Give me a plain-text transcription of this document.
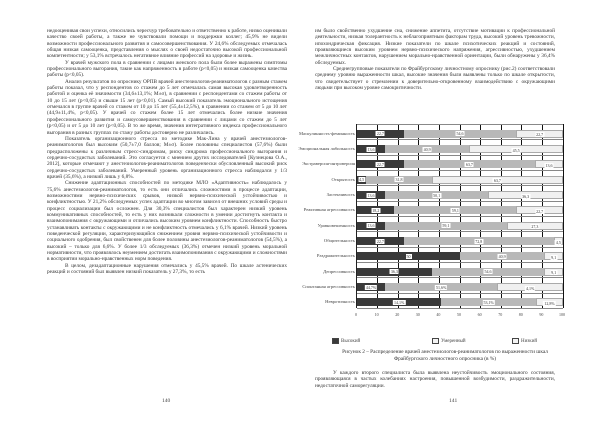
недооценивая свои успехи, относились чересчур требовательно и ответственно к работе, низко оценивали качество своей работы, а также не чувствовали помощи и поддержки коллег; 45,9% не видели возможности профессионального развития и самосовершенствования. У 24,6% обследуемых отмечалась общая низкая самооценка, представления о мыслях о своей недостаточно высокой профессиональной компетентности; у 53,1% встречалось негативное влияние профессий на здоровье и жизнь.

У врачей мужского пола в сравнении с лицами женского пола были более выражены симптомы профессионального выгорания, такие как напряженность в работе (p<0,05) и низкая самооценка качества работы (p<0,05).

Анализ результатов по опроснику ОРПВ врачей анестезиологов-реаниматологов с разным стажем работы показал, что у респондентов со стажем до 5 лет отмечалась самая высокая удовлетворенность работой и оценка её значимости (34,6±13,1%; M±σ), в сравнении с респондентами со стажем работы от 10 до 15 лет (p<0,05) и свыше 15 лет (p<0,01). Самый высокий показатель эмоционального истощения отмечался в группе врачей со стажем от 10 до 15 лет (55,4±12,5%), в сравнении со стажем от 5 до 10 лет (44,9±11,4%, p<0,05). У врачей со стажем более 15 лет отмечались более низкие значения профессионального развития и самоусовершенствования в сравнении с лицами со стажем до 5 лет (p<0,05) и от 5 до 10 лет (p<0,05). В то же время, значения интегративного индекса профессионального выгорания в разных группах по стажу работы достоверно не различались.

Показатель организационного стресса по методике Мак-Лина у врачей анестезиологов-реаниматологов был высоким (50,7±7,0 баллов; M±σ). Более половины специалистов (57,6%) были предрасположены к различным стресс-синдромам, риску синдрома профессионального выгорания и сердечно-сосудистых заболеваний. Это согласуется с мнением других исследователей [Кузнецова О.А., 2012], которые отмечают у анестезиологов-реаниматологов поведенчески обусловленный высокий риск сердечно-сосудистых заболеваний. Умеренный уровень организационного стресса наблюдался у 1/3 врачей (35,6%), а низкий лишь у 6,8%.

Снижение адаптационных способностей по методике МЛО «Адаптивность» наблюдалось у 75,6% анестезиологов-реаниматологов, то есть они отличались сложностями в процессе адаптации, возможностями нервно-психических срывов, низкой нервно-психической устойчивостью и конфликтностью. У 21,2% обследуемых успех адаптации во многом зависел от внешних условий среды и процесс социализации был осложнен. Для 30,3% специалистов был характерен низкий уровень коммуникативных способностей, то есть у них возникали сложности в умении достигнуть контакта и взаимопонимания с окружающими и отличались высоким уровнем конфликтности. Способность быстро устанавливать контакты с окружающими и не конфликтность отмечались у 6,1% врачей. Низкий уровень поведенческой регуляции, характеризующийся снижением уровня нервно-психической устойчивости и социального одобрения, был свойственен для более половины анестезиологов-реаниматологов (54,5%), а высокий – только для 6,6%. У более 1/3 обследуемых (36,3%) отмечен низкий уровень моральной нормативности, что проявлялось неумением достигать взаимопонимания с окружающими и сложностями в восприятии морально-нравственных норм поведения.

В целом, дезадаптационные нарушения отмечались у 45,5% врачей. По шкале астенических реакций и состояний был выявлен низкий показатель у 27,3%, то есть

140

им было свойственно ухудшение сна, снижение аппетита, отсутствие мотивации к профессиональной деятельности, низкая толерантность к неблагоприятным факторам труда, высокий уровень тревожности, ипохондрическая фиксация. Низкие показатели по шкале психотических реакций и состояний, проявляющиеся высоким уровнем нервно-психического напряжения, агрессивностью, ухудшением межличностных контактов, нарушением морально-нравственной ориентации, были обнаружены у 36,4% обследуемых.

Среднегрупповые показатели по Фрайбургскому личностному опроснику (рис.2) соответствовали среднему уровню выраженности шкал, высокие значения были выявлены только по шкале открытости, что свидетельствует о стремлении к доверительно-откровенному взаимодействию с окружающими людьми при высоком уровне самокритичности.

22,7	54,6	22,7
13,6	40,9	45,5
22,7	63,7	13,6
4,5	31,8	63,7
13,6	50,1	36,3
18,2	59,1	22,7
13,6	59,1	27,3
22,7	72,8	4,5
50	40,9	9,1
36,3	54,6	9,1
44,7%	51,6%	4,1%
14,1%	53,1%	12,8%
Маскулинность-феминность
Эмоциональная лабильность
Экстраверсия-интроверсия
Открытость
Застенчивость
Реактивная агрессивность
Уравновешенность
Общительность
Раздражительность
Депрессивность
Спонтанная агрессивность
Невротичность
0	10	20	30	40	50	60	70	80	90	100
Высокий	Умеренный	Низкий
Рисунок 2 – Распределение врачей анестезиологов-реаниматологов по выраженности шкал Фрайбургского личностного опросника (в %)

У каждого второго специалиста была выявлена неустойчивость эмоционального состояния, проявляющаяся в частых колебаниях настроения, повышенной возбудимости, раздражительности, недостаточной саморегуляции.

141
